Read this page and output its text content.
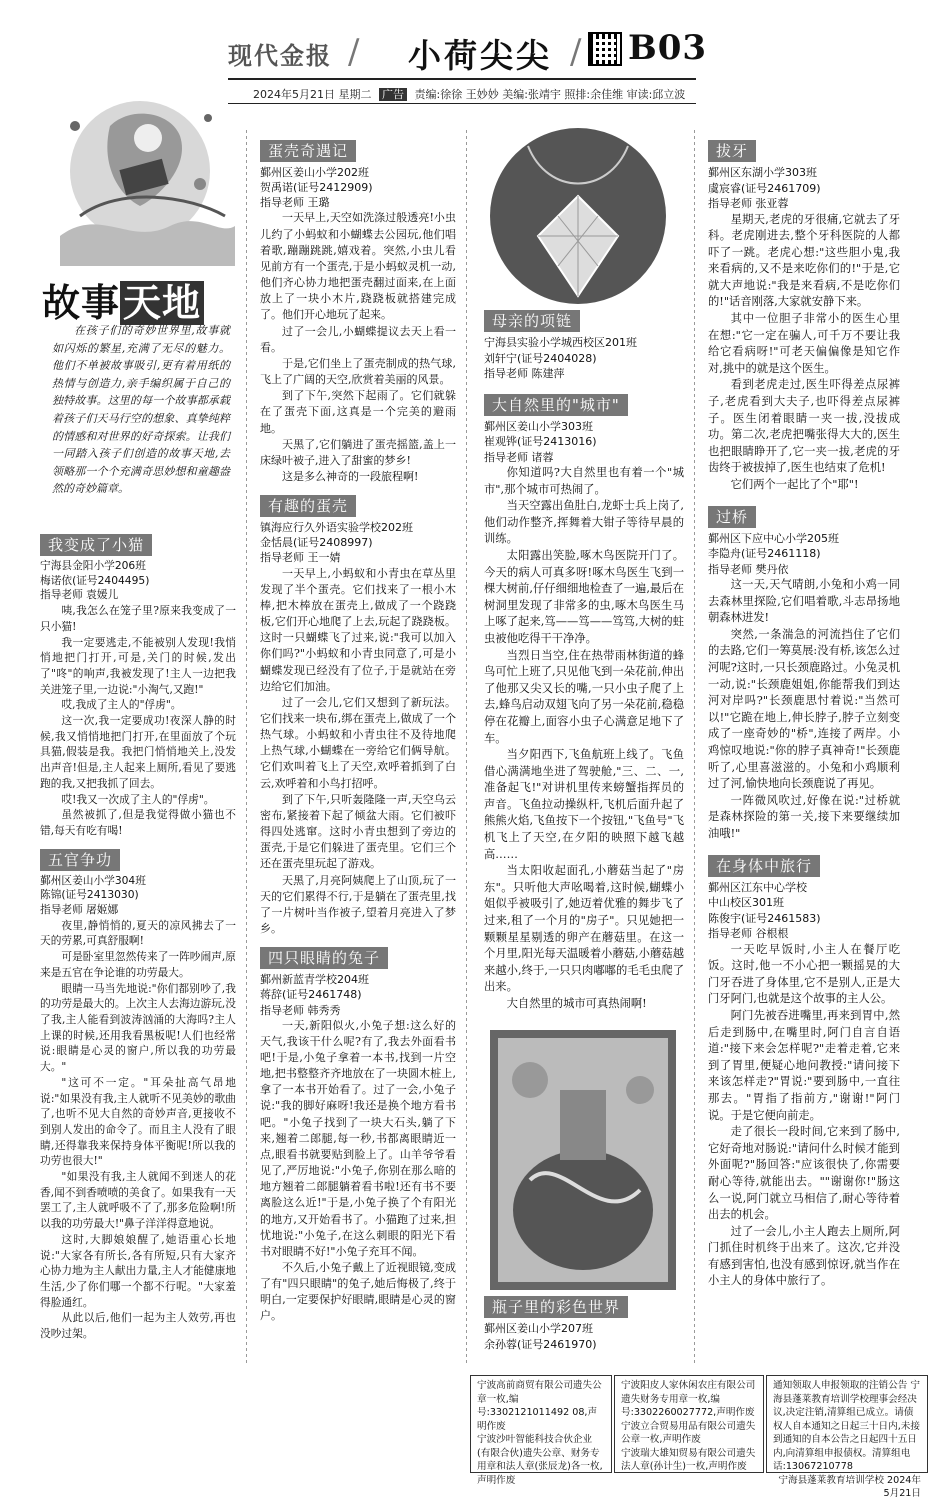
现代金报 / 小荷尖尖 / B03
2024年5月21日 星期二 广告 责编:徐徐 王妙妙 美编:张靖宇 照排:余佳维 审读:邱立波
故事天地

在孩子们的奇妙世界里,故事就如闪烁的繁星,充满了无尽的魅力。他们不单被故事吸引,更有着用纸的热情与创造力,亲手编织属于自己的独特故事。这里的每一个故事都承载着孩子们天马行空的想象、真挚纯粹的情感和对世界的好奇探索。让我们一同踏入孩子们创造的故事天地,去领略那一个个充满奇思妙想和童趣盎然的奇妙篇章。

我变成了小猫
宁海县金阳小学206班
梅诺依(证号2404495)
指导老师 袁媛儿

咦,我怎么在笼子里?原来我变成了一只小猫!

我一定要逃走,不能被别人发现!我悄悄地把门打开,可是,关门的时候,发出了"咚"的响声,我被发现了!主人一边把我关进笼子里,一边说:"小淘气,又跑!"

哎,我成了主人的"俘虏"。

这一次,我一定要成功!夜深人静的时候,我又悄悄地把门打开,在里面放了个玩具猫,假装是我。我把门悄悄地关上,没发出声音!但是,主人起来上厕所,看见了要逃跑的我,又把我抓了回去。

哎!我又一次成了主人的"俘虏"。

虽然被抓了,但是我觉得做小猫也不错,每天有吃有喝!

五官争功
鄞州区姜山小学304班
陈锦(证号2413030)
指导老师 屠姬娜

夜里,静悄悄的,夏天的凉风拂去了一天的劳累,可真舒服啊!

可是卧室里忽然传来了一阵吵闹声,原来是五官在争论谁的功劳最大。

眼睛一马当先地说:"你们都别吵了,我的功劳是最大的。上次主人去海边游玩,没了我,主人能看到波涛汹涌的大海吗?主人上课的时候,还用我看黑板呢!人们也经常说:眼睛是心灵的窗户,所以我的功劳最大。"

"这可不一定。"耳朵扯高气昂地说:"如果没有我,主人就听不见美妙的歌曲了,也听不见大自然的奇妙声音,更接收不到别人发出的命令了。而且主人没有了眼睛,还得靠我来保持身体平衡呢!所以我的功劳也很大!"

"如果没有我,主人就闻不到迷人的花香,闻不到香喷喷的美食了。如果我有一天罢工了,主人就呼吸不了了,那多危险啊!所以我的功劳最大!"鼻子洋洋得意地说。

这时,大脚娘娘醒了,她语重心长地说:"大家各有所长,各有所短,只有大家齐心协力地为主人献出力量,主人才能健康地生活,少了你们哪一个都不行呢。"大家羞得脸通红。

从此以后,他们一起为主人效劳,再也没吵过架。

蛋壳奇遇记
鄞州区姜山小学202班
贺禹诺(证号2412909)
指导老师 王璐

一天早上,天空如洗涤过般透亮!小虫儿约了小蚂蚁和小蝴蝶去公园玩,他们唱着歌,蹦蹦跳跳,嬉戏着。突然,小虫儿看见前方有一个蛋壳,于是小蚂蚁灵机一动,他们齐心协力地把蛋壳翻过面来,在上面放上了一块小木片,跷跷板就搭建完成了。他们开心地玩了起来。

过了一会儿,小蝴蝶提议去天上看一看。

于是,它们坐上了蛋壳制成的热气球,飞上了广阔的天空,欣赏着美丽的风景。

到了下午,突然下起雨了。它们就躲在了蛋壳下面,这真是一个完美的避雨地。

天黑了,它们躺进了蛋壳摇篮,盖上一床绿叶被子,进入了甜蜜的梦乡!

这是多么神奇的一段旅程啊!

有趣的蛋壳
镇海应行久外语实验学校202班
金恬晨(证号2408997)
指导老师 王一婧

一天早上,小蚂蚁和小青虫在草丛里发现了半个蛋壳。它们找来了一根小木棒,把木棒放在蛋壳上,做成了一个跷跷板,它们开心地爬了上去,玩起了跷跷板。这时一只蝴蝶飞了过来,说:"我可以加入你们吗?"小蚂蚁和小青虫同意了,可是小蝴蝶发现已经没有了位子,于是就站在旁边给它们加油。

过了一会儿,它们又想到了新玩法。它们找来一块布,绑在蛋壳上,做成了一个热气球。小蚂蚁和小青虫往不及待地爬上热气球,小蝴蝶在一旁给它们俩导航。它们欢叫着飞上了天空,欢呼着抓到了白云,欢呼着和小鸟打招呼。

到了下午,只听轰隆隆一声,天空乌云密布,紧接着下起了倾盆大雨。它们被吓得四处逃窜。这时小青虫想到了旁边的蛋壳,于是它们躲进了蛋壳里。它们三个还在蛋壳里玩起了游戏。

天黑了,月亮阿姨爬上了山顶,玩了一天的它们累得不行,于是躺在了蛋壳里,找了一片树叶当作被子,望着月亮进入了梦乡。

四只眼睛的兔子
鄞州新蓝青学校204班
蒋辞(证号2461748)
指导老师 韩秀秀

一天,新阳似火,小兔子想:这么好的天气,我该干什么呢?有了,我去外面看书吧!于是,小兔子拿着一本书,找到一片空地,把书整整齐齐地放在了一块圆木桩上,拿了一本书开始看了。过了一会,小兔子说:"我的脚好麻呀!我还是换个地方看书吧。"小兔子找到了一块大石头,躺了下来,翘着二郎腿,每一秒,书都离眼睛近一点,眼看书就要贴到脸上了。山羊爷爷看见了,严厉地说:"小兔子,你别在那么暗的地方翘着二郎腿躺着看书啦!还有书不要离脸这么近!"于是,小兔子换了个有阳光的地方,又开始看书了。小猫跑了过来,担忧地说:"小兔子,在这么刺眼的阳光下看书对眼睛不好!"小兔子充耳不闻。

不久后,小兔子戴上了近视眼镜,变成了有"四只眼睛"的兔子,她后悔极了,终于明白,一定要保护好眼睛,眼睛是心灵的窗户。

母亲的项链
宁海县实验小学城西校区201班
刘轩宁(证号2404028)
指导老师 陈建萍
大自然里的"城市"
鄞州区姜山小学303班
崔观铧(证号2413016)
指导老师 诸蓉

你知道吗?大自然里也有着一个"城市",那个城市可热闹了。

当天空露出鱼肚白,龙虾士兵上岗了,他们动作整齐,挥舞着大钳子等待早晨的训练。

太阳露出笑脸,啄木鸟医院开门了。今天的病人可真多呀!啄木鸟医生飞到一棵大树前,仔仔细细地检查了一遍,最后在树洞里发现了非常多的虫,啄木鸟医生马上啄了起来,笃——笃——笃笃,大树的蛀虫被他吃得干干净净。

当烈日当空,住在热带雨林街道的蜂鸟可忙上班了,只见他飞到一朵花前,伸出了他那又尖又长的嘴,一只小虫子爬了上去,蜂鸟启动双翅飞向了另一朵花前,稳稳停在花瓣上,面容小虫子心满意足地下了车。

当夕阳西下,飞鱼航班上线了。飞鱼借心满满地坐进了驾驶舱,"三、二、一,准备起飞!"对讲机里传来螃蟹指挥员的声音。飞鱼拉动操纵杆,飞机后面升起了熊熊火焰,飞鱼按下一个按钮,"飞鱼号"飞机飞上了天空,在夕阳的映照下越飞越高……

当太阳收起面孔,小蘑菇当起了"房东"。只听他大声吆喝着,这时候,蝴蝶小姐似乎被吸引了,她迈着优雅的舞步飞了过来,租了一个月的"房子"。只见她把一颗颗星星剔透的卵产在蘑菇里。在这一个月里,阳光每天温暖着小蘑菇,小蘑菇越来越小,终于,一只只肉嘟嘟的毛毛虫爬了出来。

大自然里的城市可真热闹啊!

瓶子里的彩色世界
鄞州区姜山小学207班
余孙蓉(证号2461970)
拔牙
鄞州区东湖小学303班
虞宸睿(证号2461709)
指导老师 张亚蓉

星期天,老虎的牙很痛,它就去了牙科。老虎刚进去,整个牙科医院的人都吓了一跳。老虎心想:"这些胆小鬼,我来看病的,又不是来吃你们的!"于是,它就大声地说:"我是来看病,不是吃你们的!"话音刚落,大家就安静下来。

其中一位胆子非常小的医生心里在想:"它一定在骗人,可千万不要让我给它看病呀!"可老天偏偏像是知它作对,挑中的就是这个医生。

看到老虎走过,医生吓得差点尿裤子,老虎看到大夫子,也吓得差点尿裤子。医生闭着眼睛一夹一拔,没拔成功。第二次,老虎把嘴张得大大的,医生也把眼睛睁开了,它一夹一拔,老虎的牙齿终于被拔掉了,医生也结束了危机!

它们两个一起比了个"耶"!

过桥
鄞州区下应中心小学205班
李隐舟(证号2461118)
指导老师 樊丹依

这一天,天气晴朗,小兔和小鸡一同去森林里探险,它们唱着歌,斗志昂扬地朝森林进发!

突然,一条湍急的河流挡住了它们的去路,它们一筹莫展:没有桥,该怎么过河呢?这时,一只长颈鹿路过。小兔灵机一动,说:"长颈鹿姐姐,你能帮我们到达河对岸吗?"长颈鹿思忖着说:"当然可以!"它跪在地上,伸长脖子,脖子立刻变成了一座奇妙的"桥",连接了两岸。小鸡惊叹地说:"你的脖子真神奇!"长颈鹿听了,心里喜滋滋的。小兔和小鸡顺利过了河,愉快地向长颈鹿说了再见。

一阵微风吹过,好像在说:"过桥就是森林探险的第一关,接下来要继续加油哦!"

在身体中旅行
鄞州区江东中心学校
中山校区301班
陈俊宇(证号2461583)
指导老师 谷根根

一天吃早饭时,小主人在餐厅吃饭。这时,他一不小心把一颗摇晃的大门牙吞进了身体里,它不是别人,正是大门牙阿门,也就是这个故事的主人公。

阿门先被吞进嘴里,再来到胃中,然后走到肠中,在嘴里时,阿门自言自语道:"接下来会怎样呢?"走着走着,它来到了胃里,便疑心地问教授:"请问接下来该怎样走?"胃说:"要到肠中,一直往那去。"胃指了指前方,"谢谢!"阿门说。于是它便向前走。

走了很长一段时间,它来到了肠中,它好奇地对肠说:"请问什么时候才能到外面呢?"肠回答:"应该很快了,你需要耐心等待,就能出去。""谢谢你!"肠这么一说,阿门就立马相信了,耐心等待着出去的机会。

过了一会儿,小主人跑去上厕所,阿门抓住时机终于出来了。这次,它并没有感到害怕,也没有感到惊讶,就当作在小主人的身体中旅行了。

宁波高前商贸有限公司遗失公章一枚,编号:3302121011492 08,声明作废

宁波沙叶智能科技合伙企业(有限合伙)遗失公章、财务专用章和法人章(张辰龙)各一枚,声明作废

宁波阳皮人家休闲农庄有限公司遗失财务专用章一枚,编号:3302260027772,声明作废

宁波立合贸易用品有限公司遗失公章一枚,声明作废

宁波瑞大雄知贸易有限公司遗失法人章(孙计生)一枚,声明作废

通知领取人申报领取的注销公告 宁海县蓬莱教育培训学校理事会经决议,决定注销,清算组已成立。请债权人自本通知之日起三十日内,未接到通知的自本公告之日起四十五日内,向清算组申报债权。清算组电话:13067210778

宁海县蓬莱教育培训学校 2024年5月21日
